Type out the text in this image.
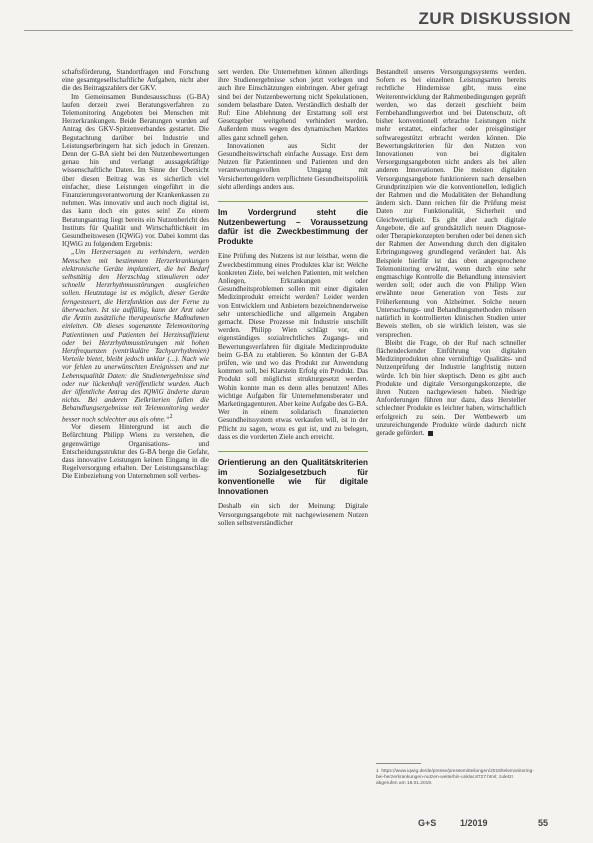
ZUR DISKUSSION

schaftsförderung, Standortfragen und Forschung eine gesamtgesellschaftliche Aufgaben, nicht aber die des Beitragszahlers der GKV.

Im Gemeinsamen Bundesausschuss (G-BA) laufen derzeit zwei Beratungsverfahren zu Telemonitoring Angeboten bei Menschen mit Herzerkrankungen. Beide Beratungen wurden auf Antrag des GKV-Spitzenverbandes gestartet. Die Begutachtung darüber bei Industrie und Leistungserbringern hat sich jedoch in Grenzen. Denn der G-BA sieht bei den Nutzenbewertungen genau hin und verlangt aussagekräftige wissenschaftliche Daten. Im Sinne der Übersicht über diesen Beitrag was es sicherlich viel einfacher, diese Leistungen eingeführt in die Finanzierungsverantwortung der Krankenkassen zu nehmen. Was innovativ und auch noch digital ist, das kann doch ein gutes sein! Zu einem Beratungsantrag liegt bereits ein Nutzenbericht des Instituts für Qualität und Wirtschaftlichkeit im Gesundheitswesen (IQWiG) vor. Dabei kommt das IQWiG zu folgendem Ergebnis:

„Um Herzversagen zu verhindern, werden Menschen mit bestimmten Herzerkrankungen elektronische Geräte implantiert, die bei Bedarf selbsttätig den Herzschlag stimulieren oder schnelle Herzrhythmusstörungen ausgleichen sollen. Heutzutage ist es möglich, dieser Geräte ferngesteuert, die Herzfunktion aus der Ferne zu überwachen. Ist sie auffällig, kann der Arzt oder die Ärztin zusätzliche therapeutische Maßnahmen einleiten. Ob dieses sogenannte Telemonitoring Patientinnen und Patienten bei Herzinsuffizienz oder bei Herzrhythmusstörungen mit hohen Herzfrequenzen (ventrikuläre Tachyarrhythmien) Vorteile bietet, bleibt jedoch unklar (...). Nach wie vor fehlen zu unerwünschten Ereignissen und zur Lebensqualität Daten: die Studienergebnisse sind oder nur lückenhaft veröffentlicht wurden. Auch der öffentliche Antrag des IQWiG änderte daran nichts. Bei anderen Zielkriterien fallen die Behandlungsergebnisse mit Telemonitoring weder besser noch schlechter aus als ohne.“$^2$

Vor diesem Hintergrund ist auch die Befürchtung Philipp Wiens zu verstehen, die gegenwärtige Organisations- und Entscheidungsstruktur des G-BA berge die Gefahr, dass innovative Leistungen keinen Eingang in die Regelversorgung erhalten. Der Leistungsanschlag: Die Einbeziehung von Unternehmen soll verbes-

sert werden. Die Unternehmen können allerdings ihre Studienergebnisse schon jetzt vorlegen und auch ihre Einschätzungen einbringen. Aber gefragt sind bei der Nutzenbewertung nicht Spekulationen, sondern belastbare Daten. Verständlich deshalb der Ruf: Eine Ablehnung der Erstattung soll erst Gesetzgeber weitgehend verhindert werden. Außerdem muss wegen des dynamischen Marktes alles ganz schnell gehen.

Innovationen aus Sicht der Gesundheitswirtschaft einfache Aussage. Erst dem Nutzen für Patientinnen und Patienten und den verantwortungsvollen Umgang mit Versichertengeldern verpflichtete Gesundheitspolitik sieht allerdings anders aus.

Im Vordergrund steht die Nutzenbewertung – Voraussetzung dafür ist die Zweckbestimmung der Produkte

Eine Prüfung des Nutzens ist nur leistbar, wenn die Zweckbestimmung eines Produktes klar ist: Welche konkreten Ziele, bei welchen Patienten, mit welchen Anliegen, Erkrankungen oder Gesundheitsproblemen sollen mit einer digitalen Medizinprodukt erreicht werden? Leider werden von Entwicklern und Anbietern bezeichnenderweise sehr unterschiedliche und allgemein Angaben gemacht. Diese Prozesse mit Industrie unschillt werden. Philipp Wien schlägt vor, ein eigenständiges sozialrechtliches Zugangs- und Bewertungsverfahren für digitale Medizinprodukte beim G-BA zu etablieren. So könnten der G-BA prüfen, wie und wo das Produkt zur Anwendung kommen soll, bei Klarstein Erfolg ein Produkt. Das Produkt soll möglichst strukturgesetzt werden. Wohin konnte man es denn alles benutzen! Alles wichtige Aufgaben für Unternehmensberater und Marketingagenturen. Aber keine Aufgabe des G-BA. Wer in einem solidarisch finanzierten Gesundheitssystem etwas verkaufen will, ist in der Pflicht zu sagen, wozu es gut ist, und zu belegen, dass es die vorderten Ziele auch erreicht.

Orientierung an den Qualitätskriterien im Sozialgesetzbuch für konventionelle wie für digitale Innovationen

Deshalb ein sich der Meinung: Digitale Versorgungsangebote mit nachgewiesenem Nutzen sollen selbstverständlicher

Bestandteil unseres Versorgungssystems werden. Sofern es bei einzelnen Leistungsarten bereits rechtliche Hindernisse gibt, muss eine Weiterentwicklung der Rahmenbedingungen geprüft werden, wo das derzeit geschieht beim Fernbehandlungsverbot und bei Datenschutz, oft bisher konventionell erbrachte Leistungen nicht mehr erstattet, einfacher oder preisgünstiger softwaregestützt erbracht werden können. Die Bewertungskriterien für den Nutzen von Innovationen von bei digitalen Versorgungsangeboten nicht anders als bei allen anderen Innovationen. Die meisten digitalen Versorgungsangebote funktionieren nach denselben Grundprinzipien wie die konventionellen, lediglich der Rahmen und die Modalitäten der Behandlung ändern sich. Dann reichen für die Prüfung meist Daten zur Funktionalität, Sicherheit und Gleichwertigkeit. Es gibt aber auch digitale Angebote, die auf grundsätzlich neuen Diagnose- oder Therapiekonzepten beruhen oder bei denen sich der Rahmen der Anwendung durch den digitalen Erbringungsweg grundlegend verändert hat. Als Beispiele hierfür ist das oben angesprochene Telemonitoring erwähnt, wenn durch eine sehr engmaschige Kontrolle die Behandlung intensiviert werden soll; oder auch die von Philipp Wien erwähnte neue Generation von Tests zur Früherkennung von Alzheimer. Solche neuen Untersuchungs- und Behandlungsmethoden müssen natürlich in kontrollierten klinischen Studien unter Beweis stellen, ob sie wirklich leisten, was sie versprechen.

Bleibt die Frage, ob der Ruf nach schneller flächendeckender Einführung von digitalen Medizinprodukten ohne vernünftige Qualitäts- und Nutzenprüfung der Industrie langfristig nutzen würde. Ich bin hier skeptisch. Denn es gibt auch Produkte und digitale Versorgungskonzepte, die ihren Nutzen nachgewiesen haben. Niedrige Anforderungen führen nur dazu, dass Hersteller schlechter Produkte es leichter haben, wirtschaftlich erfolgreich zu sein. Der Wettbewerb um unzureichungende Produkte würde dadurch nicht gerade gefördert.

1 https://www.iqwig.de/de/presse/pressemitteilungen/2018/telemonitoring-bei-herzerkrankungen-nutzen-weiterhin-unklar.8727.html; zuletzt abgerufen am 18.01.2019.
G+S	1/2019	55
